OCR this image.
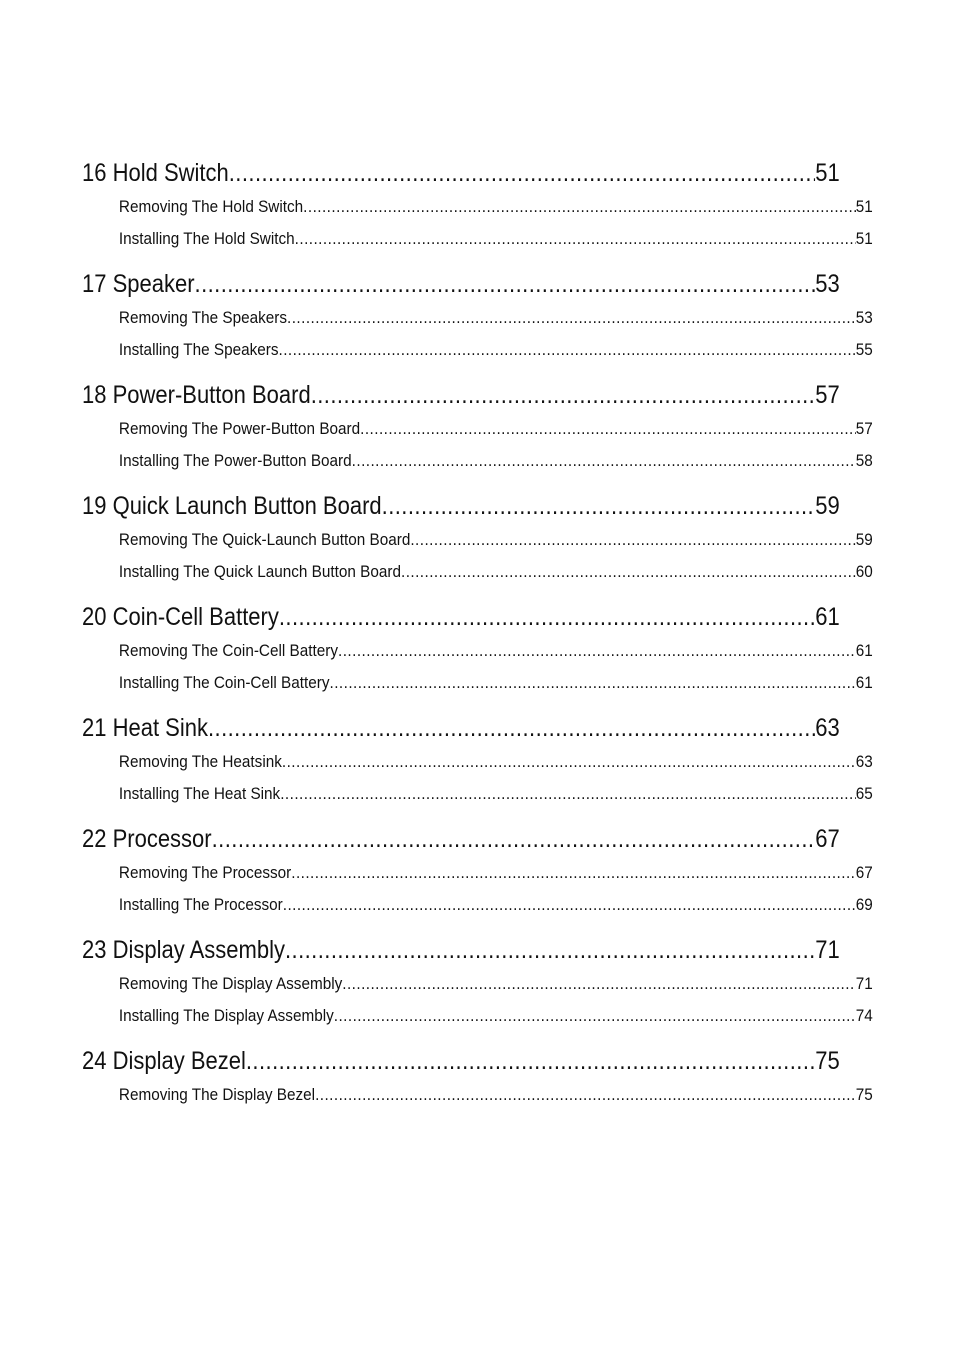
16 Hold Switch .....	51
Removing The Hold Switch .....	51
Installing The Hold Switch .....	51
17 Speaker .....	53
Removing The Speakers .....	53
Installing The Speakers .....	55
18 Power-Button Board .....	57
Removing The Power-Button Board .....	57
Installing The Power-Button Board .....	58
19 Quick Launch Button Board .....	59
Removing The Quick-Launch Button Board .....	59
Installing The Quick Launch Button Board .....	60
20 Coin-Cell Battery .....	61
Removing The Coin-Cell Battery .....	61
Installing The Coin-Cell Battery .....	61
21 Heat Sink .....	63
Removing The Heatsink .....	63
Installing The Heat Sink .....	65
22 Processor .....	67
Removing The Processor .....	67
Installing The Processor .....	69
23 Display Assembly .....	71
Removing The Display Assembly .....	71
Installing The Display Assembly .....	74
24 Display Bezel .....	75
Removing The Display Bezel .....	75
